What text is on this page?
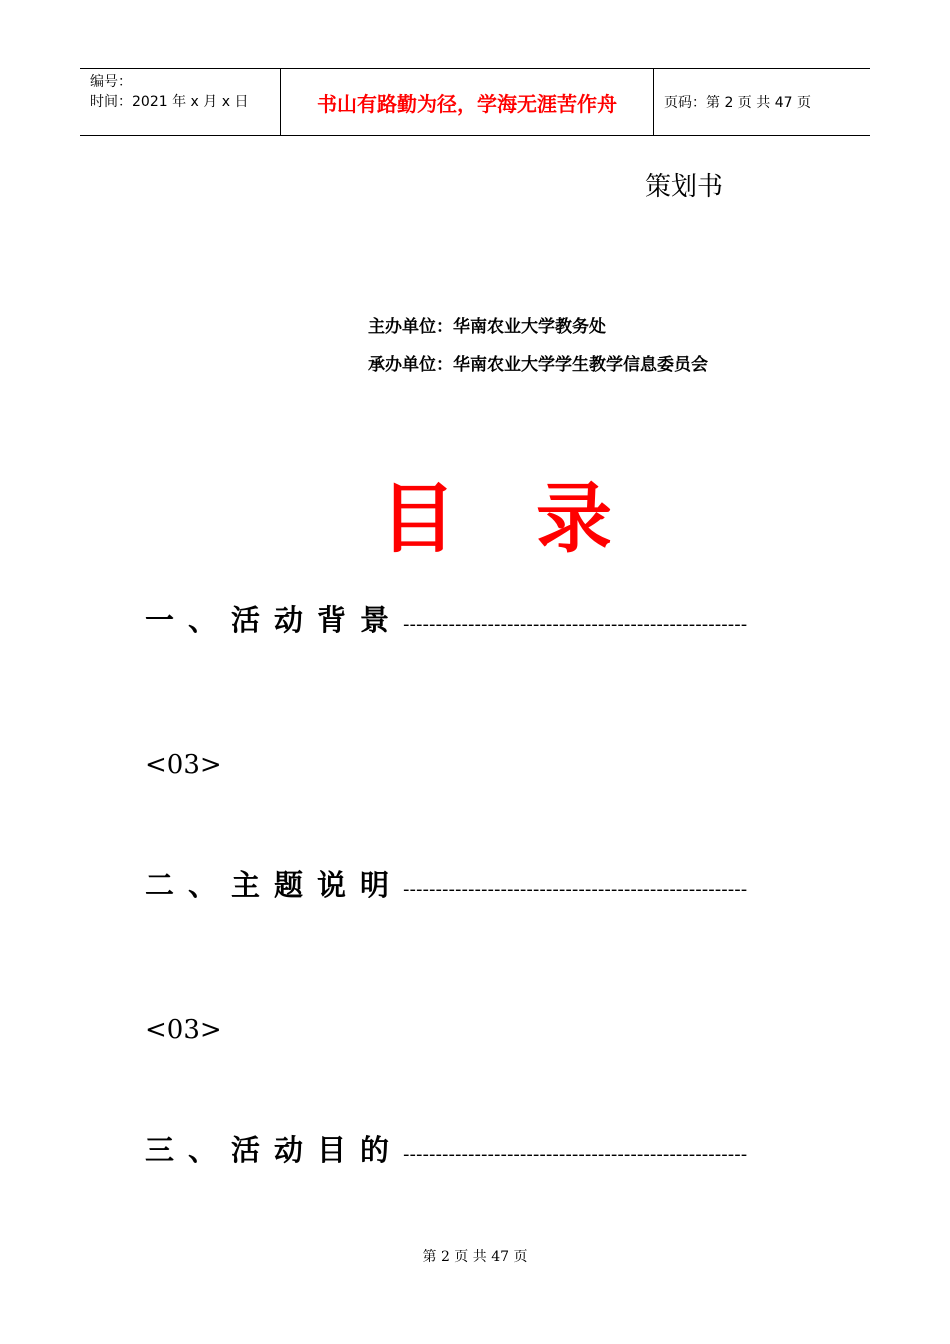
编号：
时间：2021 年 x 月 x 日	书山有路勤为径，学海无涯苦作舟	页码：第 2 页 共 47 页
策划书
主办单位：华南农业大学教务处
承办单位：华南农业大学学生教学信息委员会
目录
一、活动背景 -----------------------------------------------------
<03>
二、主题说明 -----------------------------------------------------
<03>
三、活动目的 -----------------------------------------------------
第 2 页 共 47 页
